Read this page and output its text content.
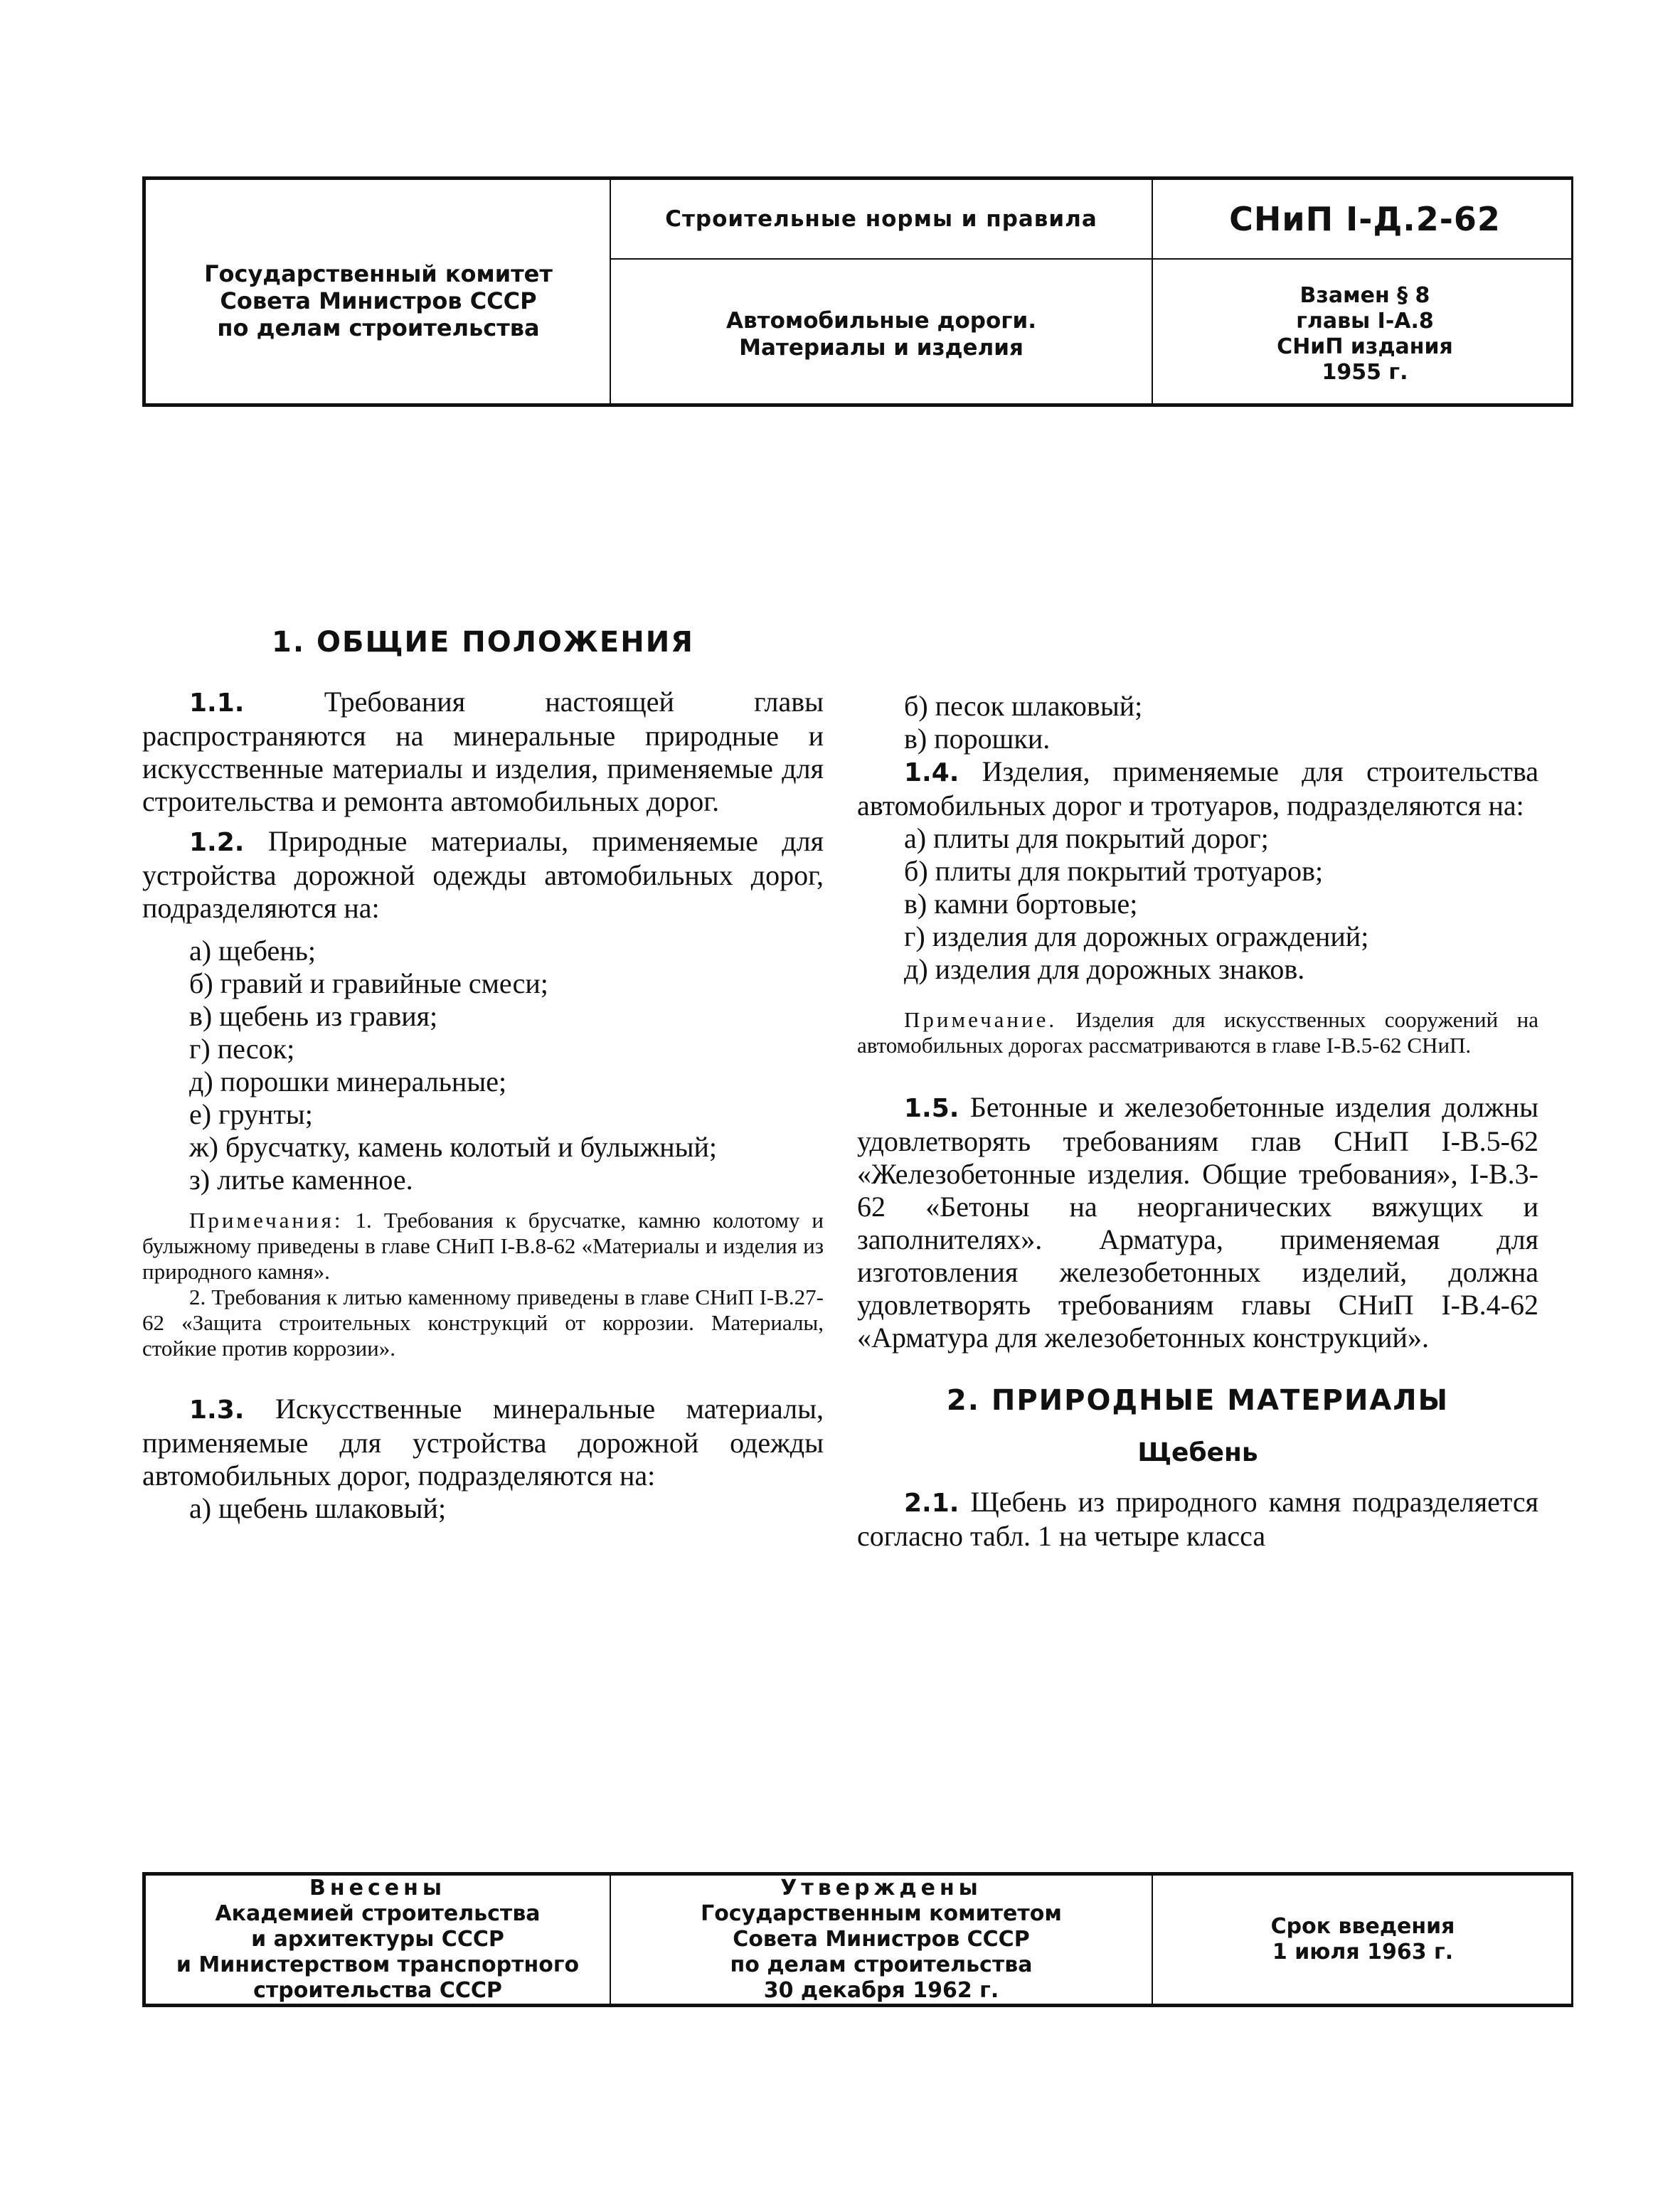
Государственный комитет
Совета Министров СССР
по делам строительства
Строительные нормы и правила	СНиП I-Д.2-62
Автомобильные дороги.
Материалы и изделия
Взамен § 8
главы I-А.8
СНиП издания
1955 г.
1. ОБЩИЕ ПОЛОЖЕНИЯ

1.1. Требования настоящей главы распространяются на минеральные природные и искусственные материалы и изделия, применяемые для строительства и ремонта автомобильных дорог.

1.2. Природные материалы, применяемые для устройства дорожной одежды автомобильных дорог, подразделяются на:

а) щебень;

б) гравий и гравийные смеси;

в) щебень из гравия;

г) песок;

д) порошки минеральные;

е) грунты;

ж) брусчатку, камень колотый и булыжный;

з) литье каменное.

Примечания: 1. Требования к брусчатке, камню колотому и булыжному приведены в главе СНиП I-В.8-62 «Материалы и изделия из природного камня».

2. Требования к литью каменному приведены в главе СНиП I-В.27-62 «Защита строительных конструкций от коррозии. Материалы, стойкие против коррозии».

1.3. Искусственные минеральные материалы, применяемые для устройства дорожной одежды автомобильных дорог, подразделяются на:

а) щебень шлаковый;

б) песок шлаковый;

в) порошки.

1.4. Изделия, применяемые для строительства автомобильных дорог и тротуаров, подразделяются на:

а) плиты для покрытий дорог;

б) плиты для покрытий тротуаров;

в) камни бортовые;

г) изделия для дорожных ограждений;

д) изделия для дорожных знаков.

Примечание. Изделия для искусственных сооружений на автомобильных дорогах рассматриваются в главе I-В.5-62 СНиП.

1.5. Бетонные и железобетонные изделия должны удовлетворять требованиям глав СНиП I-В.5-62 «Железобетонные изделия. Общие требования», I-В.3-62 «Бетоны на неорганических вяжущих и заполнителях». Арматура, применяемая для изготовления железобетонных изделий, должна удовлетворять требованиям главы СНиП I-В.4-62 «Арматура для железобетонных конструкций».

2. ПРИРОДНЫЕ МАТЕРИАЛЫ
Щебень

2.1. Щебень из природного камня подразделяется согласно табл. 1 на четыре класса

Внесены
Академией строительства
и архитектуры СССР
и Министерством транспортного
строительства СССР
Утверждены
Государственным комитетом
Совета Министров СССР
по делам строительства
30 декабря 1962 г.
Срок введения
1 июля 1963 г.
